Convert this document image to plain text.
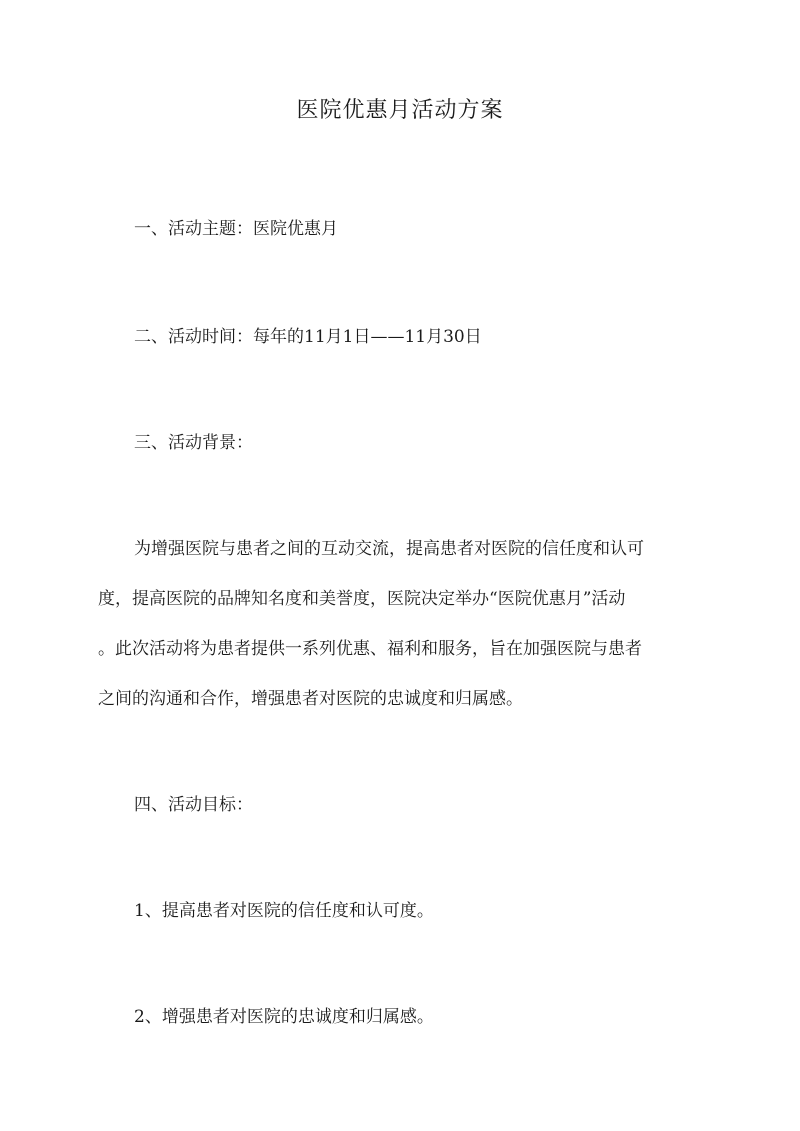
医院优惠月活动方案
一、活动主题：医院优惠月
二、活动时间：每年的11月1日——11月30日
三、活动背景：
为增强医院与患者之间的互动交流，提高患者对医院的信任度和认可
度，提高医院的品牌知名度和美誉度，医院决定举办“医院优惠月”活动
。此次活动将为患者提供一系列优惠、福利和服务，旨在加强医院与患者
之间的沟通和合作，增强患者对医院的忠诚度和归属感。
四、活动目标：
1、提高患者对医院的信任度和认可度。
2、增强患者对医院的忠诚度和归属感。
